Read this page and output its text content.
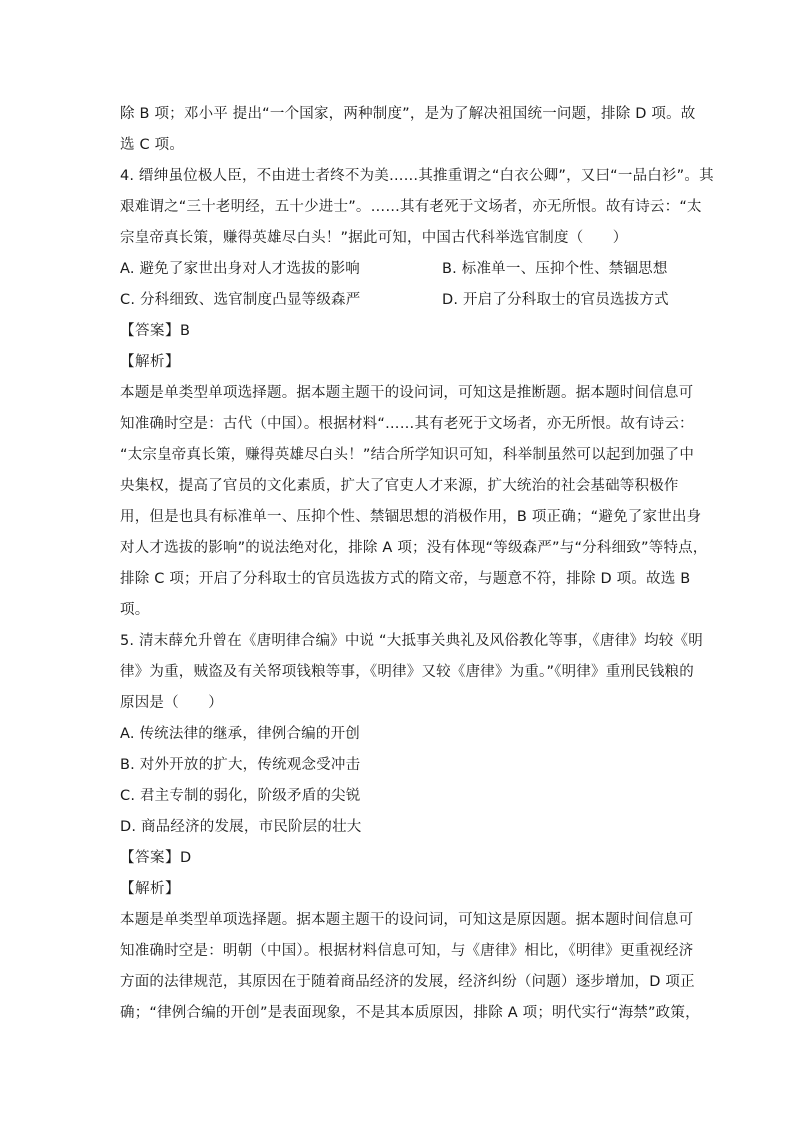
除 B 项；邓小平 提出“一个国家，两种制度”，是为了解决祖国统一问题，排除 D 项。故
选 C 项。
4. 缙绅虽位极人臣，不由进士者终不为美……其推重谓之“白衣公卿”，又曰“一品白衫”。其
艰难谓之“三十老明经，五十少进士”。……其有老死于文场者，亦无所恨。故有诗云：“太
宗皇帝真长策，赚得英雄尽白头！”据此可知，中国古代科举选官制度（　　）
A. 避免了家世出身对人才选拔的影响	B. 标准单一、压抑个性、禁锢思想
C. 分科细致、选官制度凸显等级森严	D. 开启了分科取士的官员选拔方式
【答案】B
【解析】
本题是单类型单项选择题。据本题主题干的设问词，可知这是推断题。据本题时间信息可
知准确时空是：古代（中国）。根据材料“……其有老死于文场者，亦无所恨。故有诗云：
“太宗皇帝真长策，赚得英雄尽白头！”结合所学知识可知，科举制虽然可以起到加强了中
央集权，提高了官员的文化素质，扩大了官吏人才来源，扩大统治的社会基础等积极作
用，但是也具有标准单一、压抑个性、禁锢思想的消极作用，B 项正确；“避免了家世出身
对人才选拔的影响”的说法绝对化，排除 A 项；没有体现“等级森严”与“分科细致”等特点，
排除 C 项；开启了分科取士的官员选拔方式的隋文帝，与题意不符，排除 D 项。故选 B
项。
5. 清末薛允升曾在《唐明律合编》中说 “大抵事关典礼及风俗教化等事，《唐律》均较《明
律》为重，贼盗及有关帑项钱粮等事，《明律》又较《唐律》为重。”《明律》重刑民钱粮的
原因是（　　）
A. 传统法律的继承，律例合编的开创
B. 对外开放的扩大，传统观念受冲击
C. 君主专制的弱化，阶级矛盾的尖锐
D. 商品经济的发展，市民阶层的壮大
【答案】D
【解析】
本题是单类型单项选择题。据本题主题干的设问词，可知这是原因题。据本题时间信息可
知准确时空是：明朝（中国）。根据材料信息可知，与《唐律》相比，《明律》更重视经济
方面的法律规范，其原因在于随着商品经济的发展，经济纠纷（问题）逐步增加，D 项正
确；“律例合编的开创”是表面现象，不是其本质原因，排除 A 项；明代实行“海禁”政策，
